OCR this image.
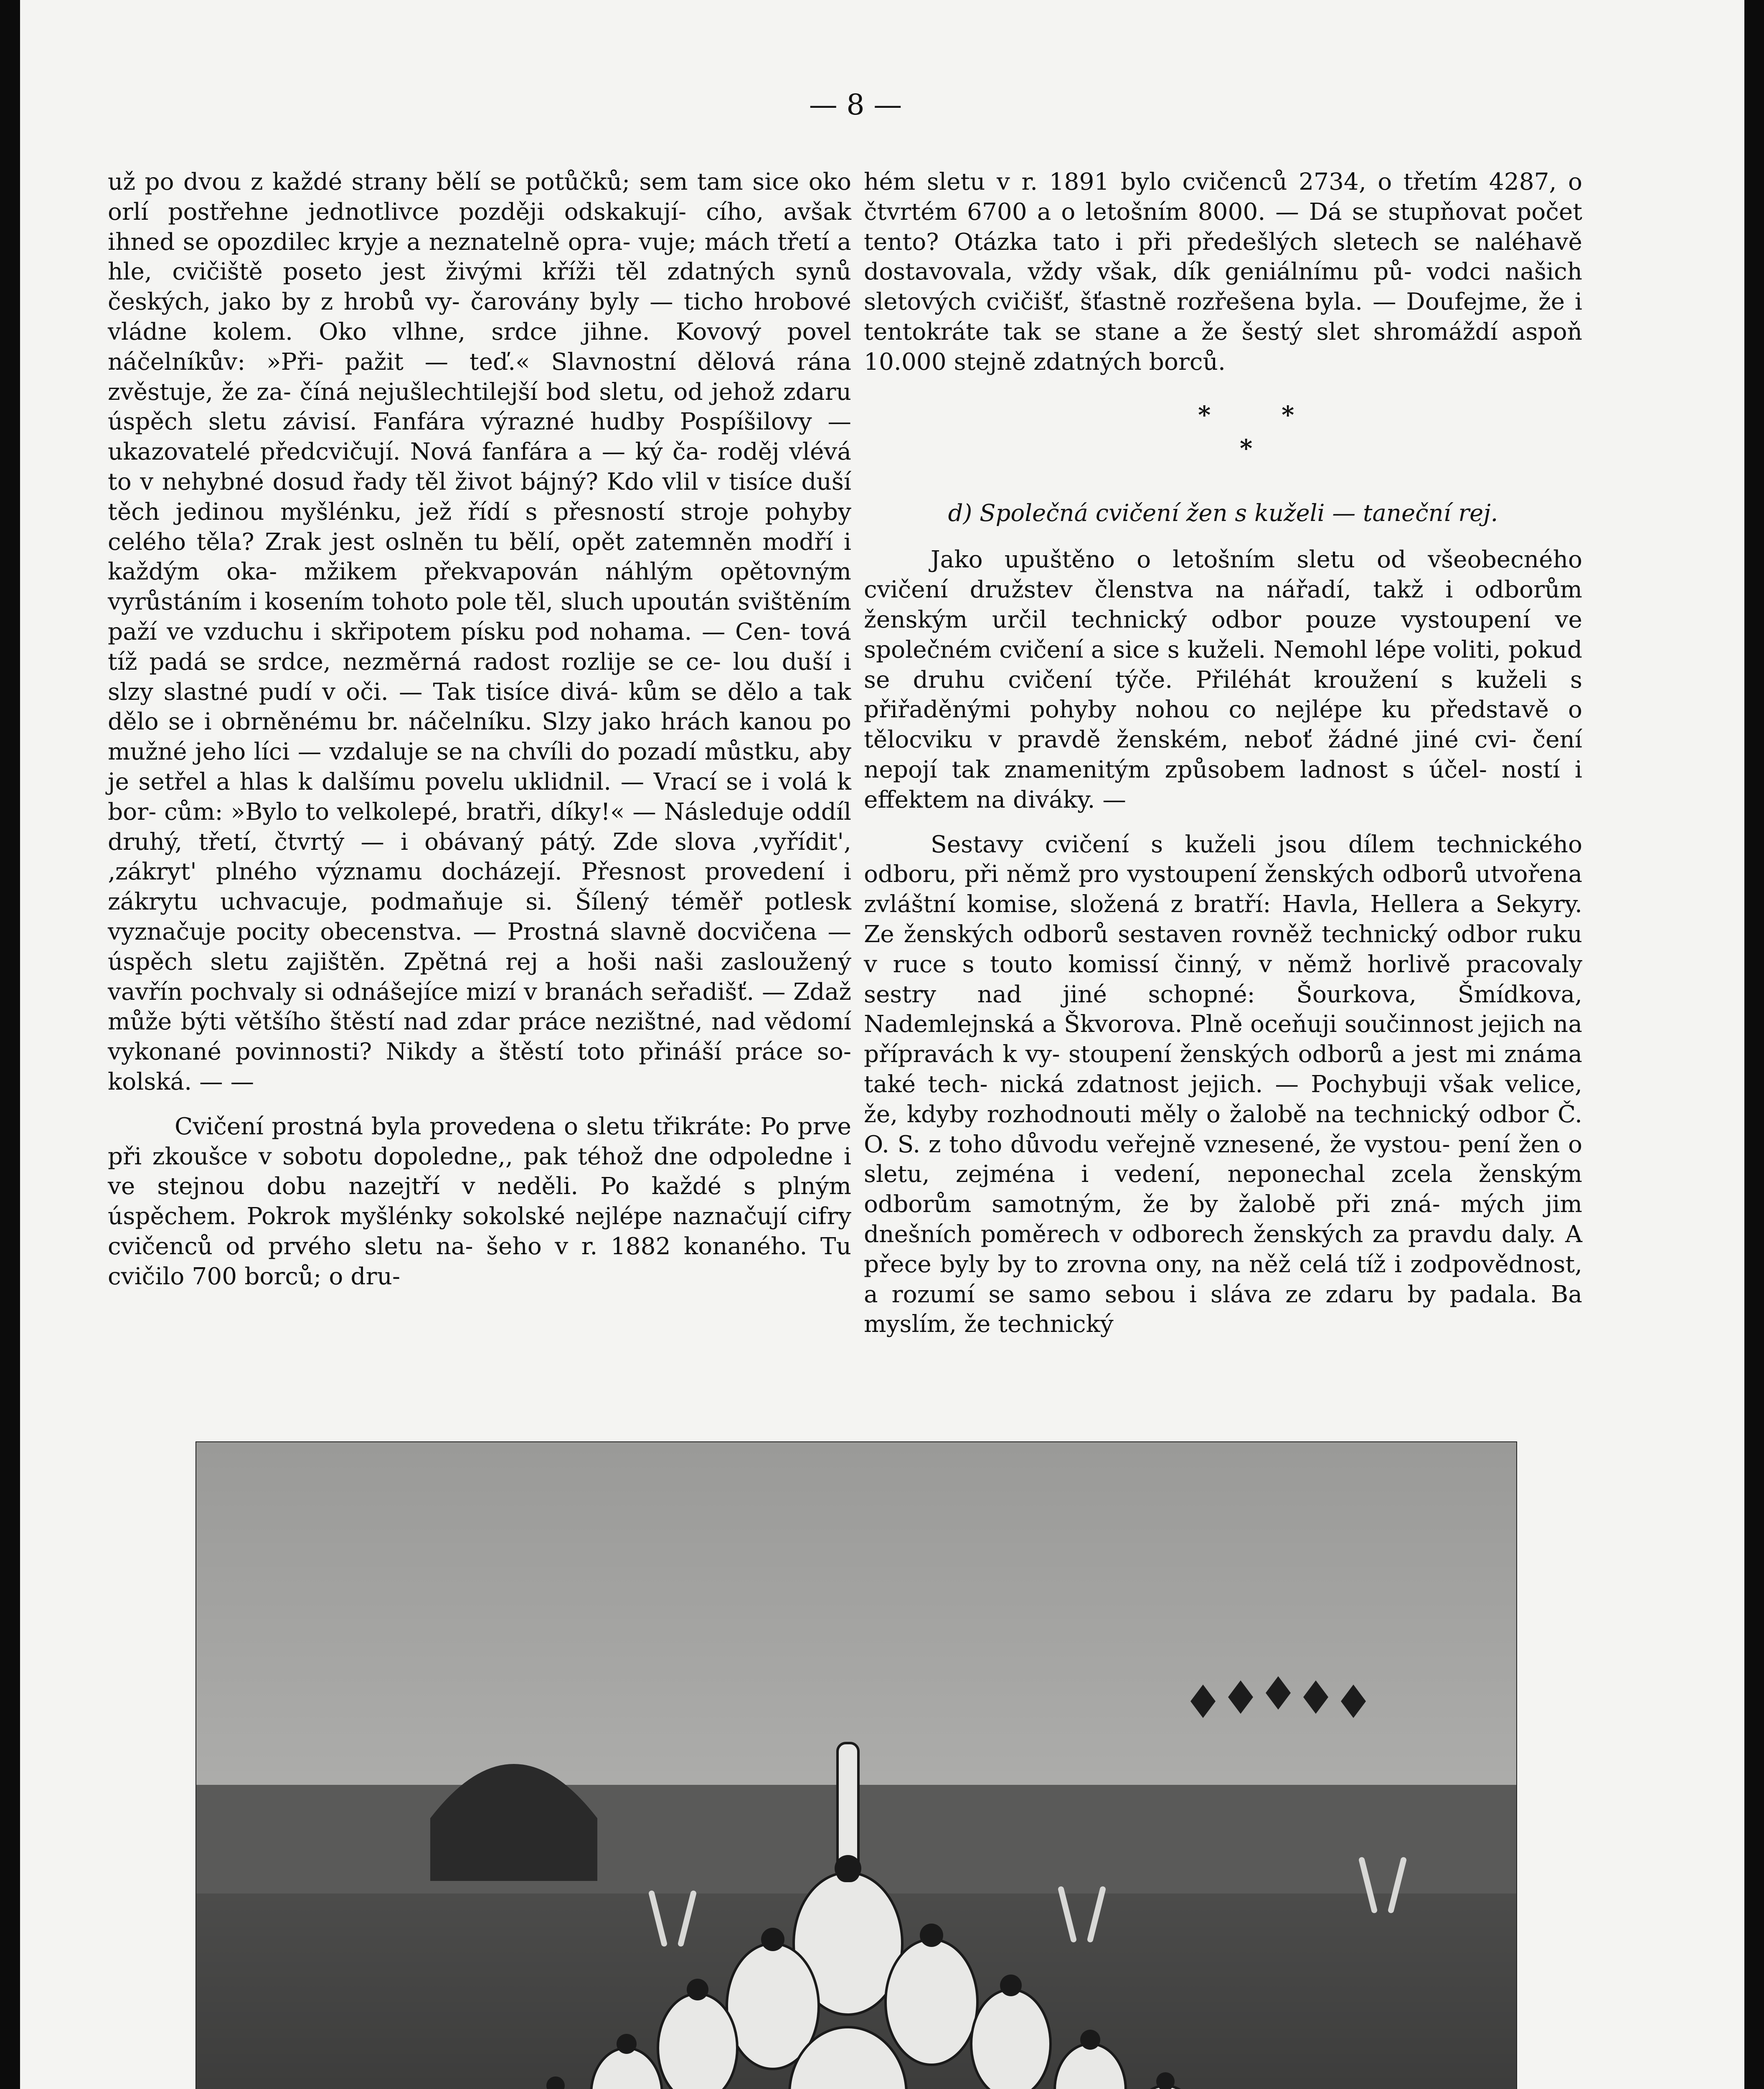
— 8 —

už po dvou z každé strany bělí se potůčků; sem tam sice oko orlí postřehne jednotlivce později odskakují- cího, avšak ihned se opozdilec kryje a neznatelně opra- vuje; mách třetí a hle, cvičiště poseto jest živými kříži těl zdatných synů českých, jako by z hrobů vy- čarovány byly — ticho hrobové vládne kolem. Oko vlhne, srdce jihne. Kovový povel náčelníkův: »Při- pažit — teď.« Slavnostní dělová rána zvěstuje, že za- číná nejušlechtilejší bod sletu, od jehož zdaru úspěch sletu závisí. Fanfára výrazné hudby Pospíšilovy — ukazovatelé předcvičují. Nová fanfára a — ký ča- roděj vlévá to v nehybné dosud řady těl život bájný? Kdo vlil v tisíce duší těch jedinou myšlénku, jež řídí s přesností stroje pohyby celého těla? Zrak jest oslněn tu bělí, opět zatemněn modří i každým oka- mžikem překvapován náhlým opětovným vyrůstáním i kosením tohoto pole těl, sluch upoután svištěním paží ve vzduchu i skřipotem písku pod nohama. — Cen- tová tíž padá se srdce, nezměrná radost rozlije se ce- lou duší i slzy slastné pudí v oči. — Tak tisíce divá- kům se dělo a tak dělo se i obrněnému br. náčelníku. Slzy jako hrách kanou po mužné jeho líci — vzdaluje se na chvíli do pozadí můstku, aby je setřel a hlas k dalšímu povelu uklidnil. — Vrací se i volá k bor- cům: »Bylo to velkolepé, bratři, díky!« — Následuje oddíl druhý, třetí, čtvrtý — i obávaný pátý. Zde slova ‚vyřídit', ‚zákryt' plného významu docházejí. Přesnost provedení i zákrytu uchvacuje, podmaňuje si. Šílený téměř potlesk vyznačuje pocity obecenstva. — Prostná slavně docvičena — úspěch sletu zajištěn. Zpětná rej a hoši naši zasloužený vavřín pochvaly si odnášejíce mizí v branách seřadišť. — Zdaž může býti většího štěstí nad zdar práce nezištné, nad vědomí vykonané povinnosti? Nikdy a štěstí toto přináší práce so- kolská. — —

Cvičení prostná byla provedena o sletu třikráte: Po prve při zkoušce v sobotu dopoledne,, pak téhož dne odpoledne i ve stejnou dobu nazejtří v neděli. Po každé s plným úspěchem. Pokrok myšlénky sokolské nejlépe naznačují cifry cvičenců od prvého sletu na- šeho v r. 1882 konaného. Tu cvičilo 700 borců; o dru-

hém sletu v r. 1891 bylo cvičenců 2734, o třetím 4287, o čtvrtém 6700 a o letošním 8000. — Dá se stupňovat počet tento? Otázka tato i při předešlých sletech se naléhavě dostavovala, vždy však, dík geniálnímu pů- vodci našich sletových cvičišť, šťastně rozřešena byla. — Doufejme, že i tentokráte tak se stane a že šestý slet shromáždí aspoň 10.000 stejně zdatných borců.

*	*
*
d) Společná cvičení žen s kuželi — taneční rej.

Jako upuštěno o letošním sletu od všeobecného cvičení družstev členstva na nářadí, takž i odborům ženským určil technický odbor pouze vystoupení ve společném cvičení a sice s kuželi. Nemohl lépe voliti, pokud se druhu cvičení týče. Přiléhát kroužení s kuželi s přiřaděnými pohyby nohou co nejlépe ku představě o tělocviku v pravdě ženském, neboť žádné jiné cvi- čení nepojí tak znamenitým způsobem ladnost s účel- ností i effektem na diváky. —

Sestavy cvičení s kuželi jsou dílem technického odboru, při němž pro vystoupení ženských odborů utvořena zvláštní komise, složená z bratří: Havla, Hellera a Sekyry. Ze ženských odborů sestaven rovněž technický odbor ruku v ruce s touto komissí činný, v němž horlivě pracovaly sestry nad jiné schopné: Šourkova, Šmídkova, Nademlejnská a Škvorova. Plně oceňuji součinnost jejich na přípravách k vy- stoupení ženských odborů a jest mi známa také tech- nická zdatnost jejich. — Pochybuji však velice, že, kdyby rozhodnouti měly o žalobě na technický odbor Č. O. S. z toho důvodu veřejně vznesené, že vystou- pení žen o sletu, zejména i vedení, neponechal zcela ženským odborům samotným, že by žalobě při zná- mých jim dnešních poměrech v odborech ženských za pravdu daly. A přece byly by to zrovna ony, na něž celá tíž i zodpovědnost, a rozumí se samo sebou i sláva ze zdaru by padala. Ba myslím, že technický
